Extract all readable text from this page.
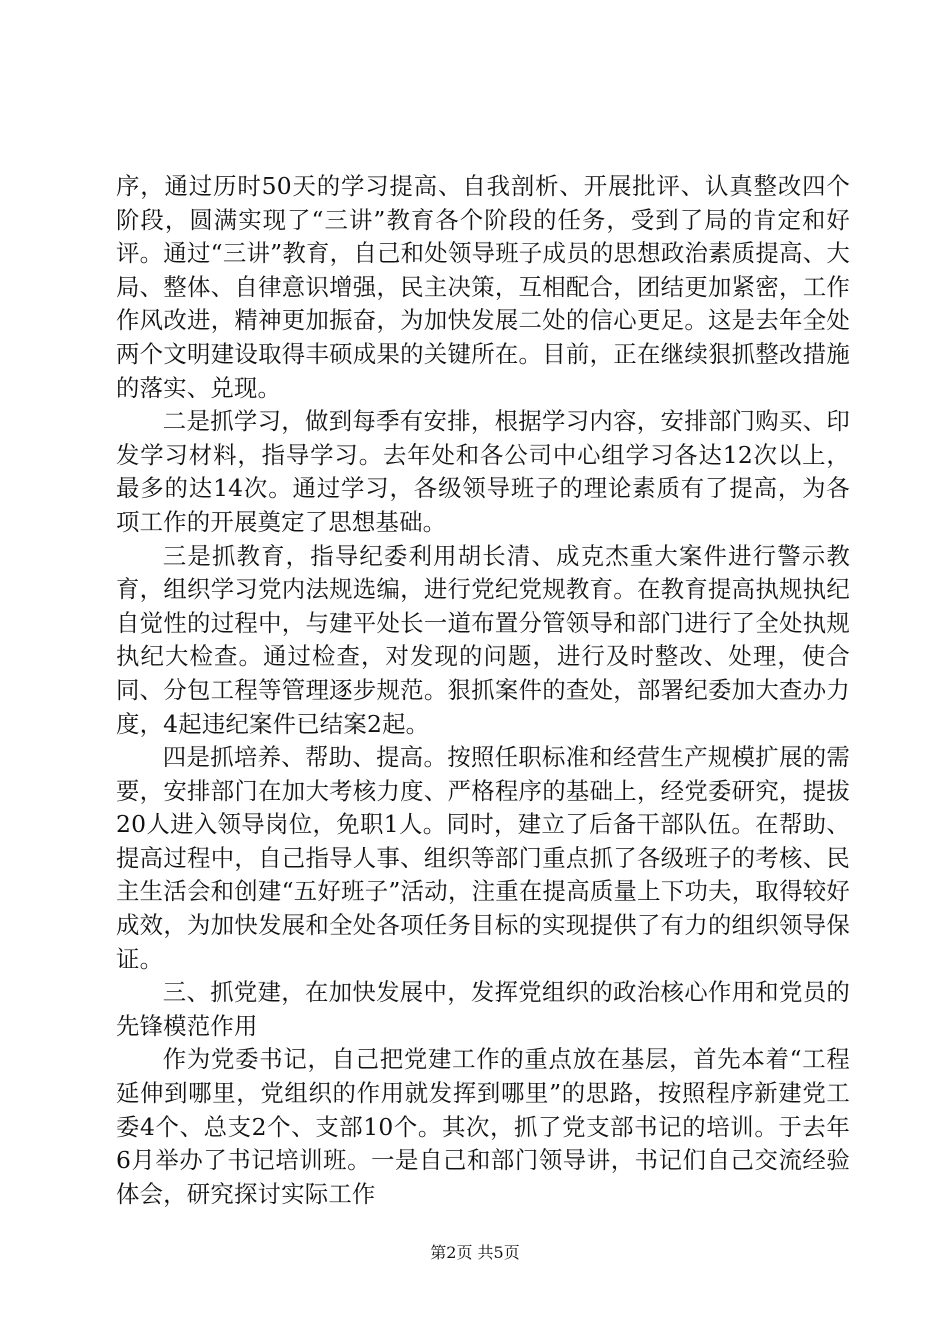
序，通过历时50天的学习提高、自我剖析、开展批评、认真整改四个阶段，圆满实现了“三讲”教育各个阶段的任务，受到了局的肯定和好评。通过“三讲”教育，自己和处领导班子成员的思想政治素质提高、大局、整体、自律意识增强，民主决策，互相配合，团结更加紧密，工作作风改进，精神更加振奋，为加快发展二处的信心更足。这是去年全处两个文明建设取得丰硕成果的关键所在。目前，正在继续狠抓整改措施的落实、兑现。

二是抓学习，做到每季有安排，根据学习内容，安排部门购买、印发学习材料，指导学习。去年处和各公司中心组学习各达12次以上，最多的达14次。通过学习，各级领导班子的理论素质有了提高，为各项工作的开展奠定了思想基础。

三是抓教育，指导纪委利用胡长清、成克杰重大案件进行警示教育，组织学习党内法规选编，进行党纪党规教育。在教育提高执规执纪自觉性的过程中，与建平处长一道布置分管领导和部门进行了全处执规执纪大检查。通过检查，对发现的问题，进行及时整改、处理，使合同、分包工程等管理逐步规范。狠抓案件的查处，部署纪委加大查办力度，4起违纪案件已结案2起。

四是抓培养、帮助、提高。按照任职标准和经营生产规模扩展的需要，安排部门在加大考核力度、严格程序的基础上，经党委研究，提拔20人进入领导岗位，免职1人。同时，建立了后备干部队伍。在帮助、提高过程中，自己指导人事、组织等部门重点抓了各级班子的考核、民主生活会和创建“五好班子”活动，注重在提高质量上下功夫，取得较好成效，为加快发展和全处各项任务目标的实现提供了有力的组织领导保证。

三、抓党建，在加快发展中，发挥党组织的政治核心作用和党员的先锋模范作用

作为党委书记，自己把党建工作的重点放在基层，首先本着“工程延伸到哪里，党组织的作用就发挥到哪里”的思路，按照程序新建党工委4个、总支2个、支部10个。其次，抓了党支部书记的培训。于去年6月举办了书记培训班。一是自己和部门领导讲，书记们自己交流经验体会，研究探讨实际工作

第2页 共5页
